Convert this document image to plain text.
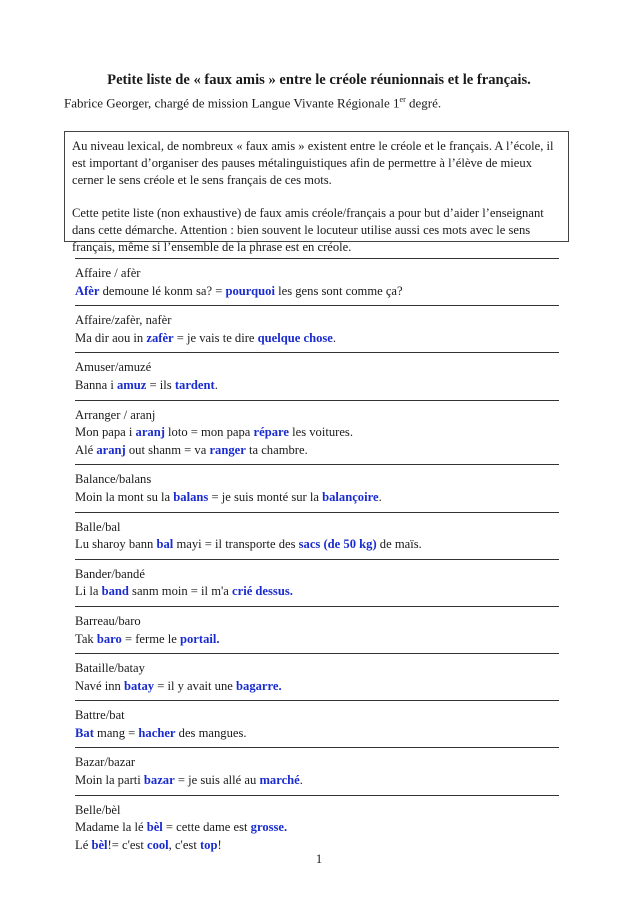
Petite liste de « faux amis » entre le créole réunionnais et le français.
Fabrice Georger, chargé de mission Langue Vivante Régionale 1er degré.

Au niveau lexical, de nombreux « faux amis » existent entre le créole et le français. A l’école, il est important d’organiser des pauses métalinguistiques afin de permettre à l’élève de mieux cerner le sens créole et le sens français de ces mots.

Cette petite liste (non exhaustive) de faux amis créole/français a pour but d’aider l’enseignant dans cette démarche. Attention : bien souvent le locuteur utilise aussi ces mots avec le sens français, même si l’ensemble de la phrase est en créole.

Affaire / afèr
Afèr demoune lé konm sa? = pourquoi les gens sont comme ça?
Affaire/zafèr, nafèr
Ma dir aou in zafèr = je vais te dire quelque chose.
Amuser/amuzé
Banna i amuz = ils tardent.
Arranger / aranj
Mon papa i aranj loto = mon papa répare les voitures.
Alé aranj out shanm = va ranger ta chambre.
Balance/balans
Moin la mont su la balans = je suis monté sur la balançoire.
Balle/bal
Lu sharoy bann bal mayi = il transporte des sacs (de 50 kg) de maïs.
Bander/bandé
Li la band sanm moin = il m'a crié dessus.
Barreau/baro
Tak baro = ferme le portail.
Bataille/batay
Navé inn batay = il y avait une bagarre.
Battre/bat
Bat mang = hacher des mangues.
Bazar/bazar
Moin la parti bazar = je suis allé au marché.
Belle/bèl
Madame la lé bèl = cette dame est grosse.
Lé bèl!= c'est cool, c'est top!
1
